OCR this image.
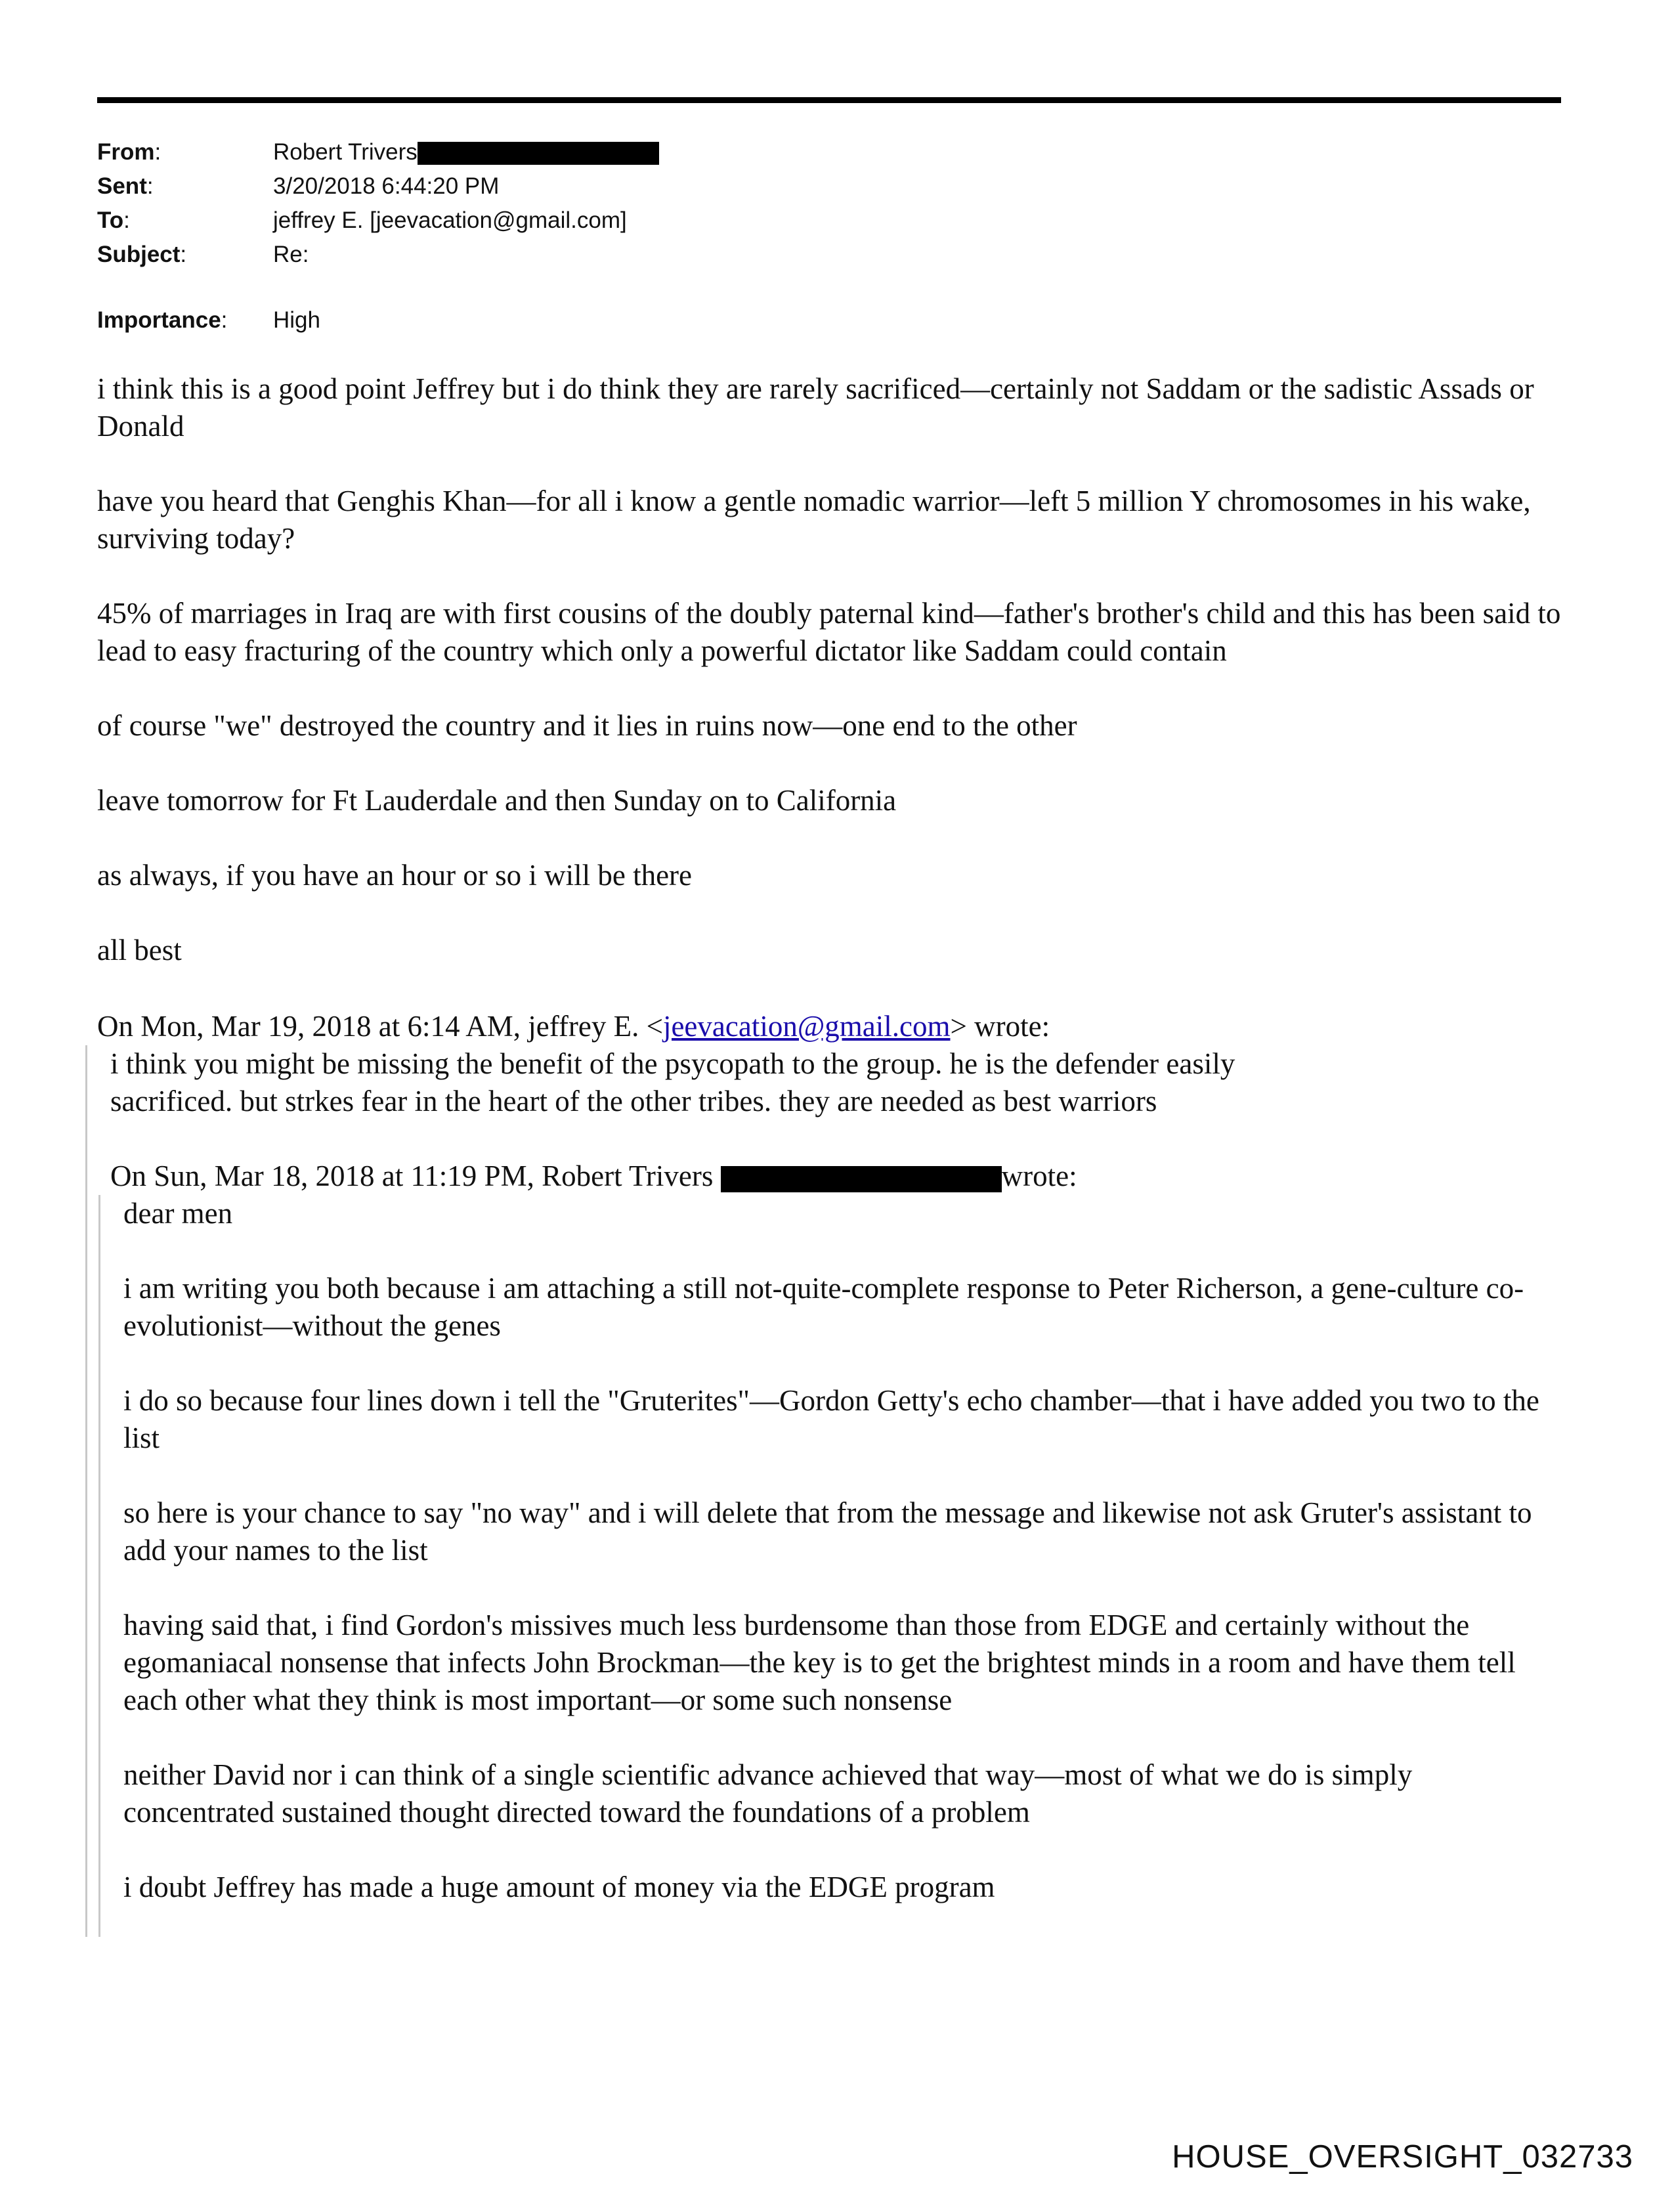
From:	Robert Trivers
Sent:	3/20/2018 6:44:20 PM
To:	jeffrey E. [jeevacation@gmail.com]
Subject:	Re:
Importance: High

i think this is a good point Jeffrey but i do think they are rarely sacrificed—certainly not Saddam or the sadistic Assads or Donald

have you heard that Genghis Khan—for all i know a gentle nomadic warrior—left 5 million Y chromosomes in his wake, surviving today?

45% of marriages in Iraq are with first cousins of the doubly paternal kind—father's brother's child and this has been said to lead to easy fracturing of the country which only a powerful dictator like Saddam could contain

of course "we" destroyed the country and it lies in ruins now—one end to the other

leave tomorrow for Ft Lauderdale and then Sunday on to California

as always, if you have an hour or so i will be there

all best

On Mon, Mar 19, 2018 at 6:14 AM, jeffrey E. <jeevacation@gmail.com> wrote:

i think you might be missing the benefit of the psycopath to the group. he is the defender easily

sacrificed. but strkes fear in the heart of the other tribes. they are needed as best warriors

On Sun, Mar 18, 2018 at 11:19 PM, Robert Trivers	wrote:

dear men

i am writing you both because i am attaching a still not-quite-complete response to Peter Richerson, a gene-culture co-evolutionist—without the genes

i do so because four lines down i tell the "Gruterites"—Gordon Getty's echo chamber—that i have added you two to the list

so here is your chance to say "no way" and i will delete that from the message and likewise not ask Gruter's assistant to add your names to the list

having said that, i find Gordon's missives much less burdensome than those from EDGE and certainly without the egomaniacal nonsense that infects John Brockman—the key is to get the brightest minds in a room and have them tell each other what they think is most important—or some such nonsense

neither David nor i can think of a single scientific advance achieved that way—most of what we do is simply concentrated sustained thought directed toward the foundations of a problem

i doubt Jeffrey has made a huge amount of money via the EDGE program

HOUSE_OVERSIGHT_032733
